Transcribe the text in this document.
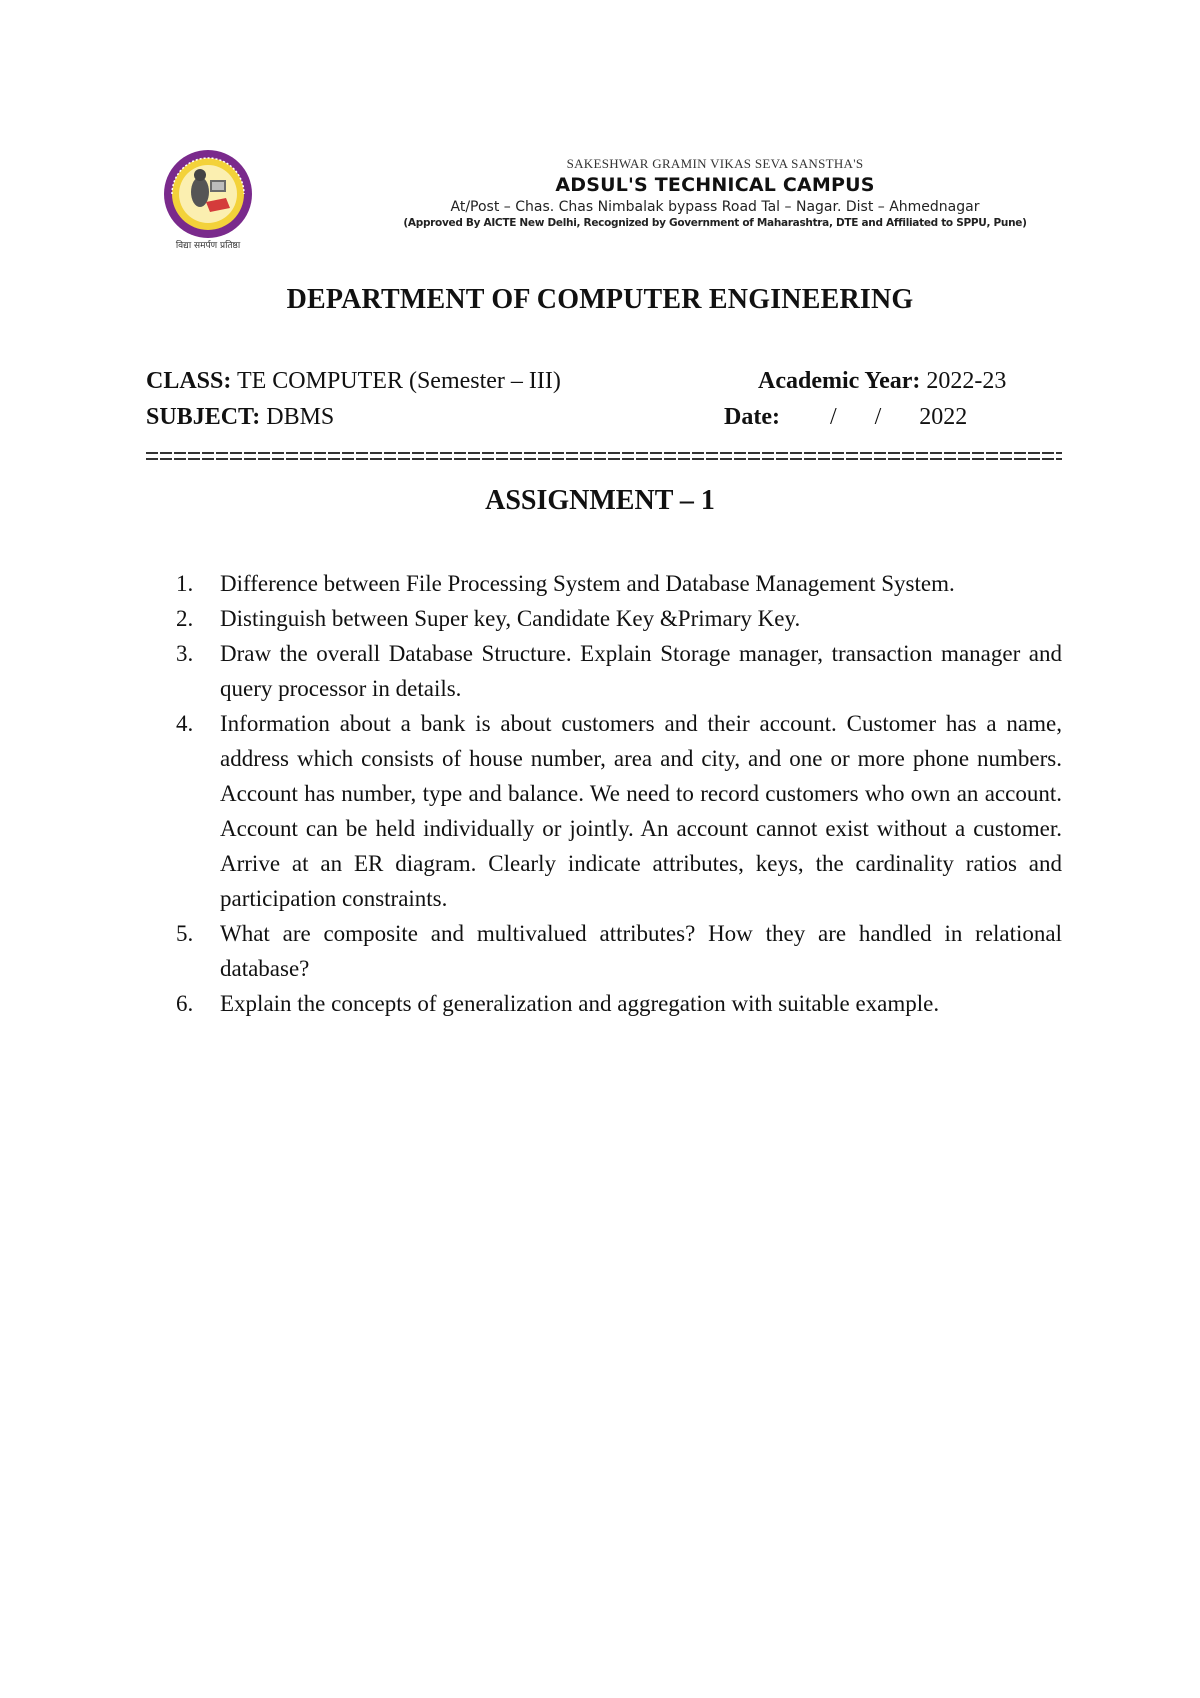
विद्या समर्पण प्रतिष्ठा
SAKESHWAR GRAMIN VIKAS SEVA SANSTHA'S
ADSUL'S TECHNICAL CAMPUS
At/Post – Chas. Chas Nimbalak bypass Road Tal – Nagar. Dist – Ahmednagar
(Approved By AICTE New Delhi, Recognized by Government of Maharashtra, DTE and Affiliated to SPPU, Pune)
DEPARTMENT OF COMPUTER ENGINEERING
CLASS: TE COMPUTER (Semester – III)	Academic Year: 2022-23
SUBJECT: DBMS	Date: / / 2022
ASSIGNMENT – 1
1. Difference between File Processing System and Database Management System.
2. Distinguish between Super key, Candidate Key &Primary Key.
3. Draw the overall Database Structure. Explain Storage manager, transaction manager and query processor in details.
4. Information about a bank is about customers and their account. Customer has a name, address which consists of house number, area and city, and one or more phone numbers. Account has number, type and balance. We need to record customers who own an account. Account can be held individually or jointly. An account cannot exist without a customer. Arrive at an ER diagram. Clearly indicate attributes, keys, the cardinality ratios and participation constraints.
5. What are composite and multivalued attributes? How they are handled in relational database?
6. Explain the concepts of generalization and aggregation with suitable example.
